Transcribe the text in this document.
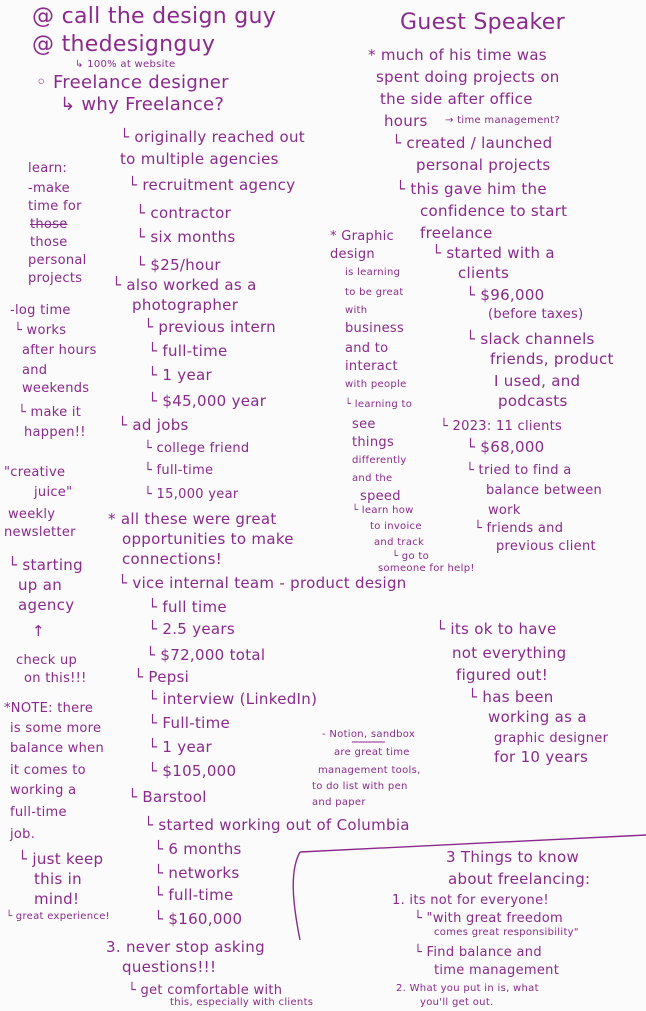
@ call the design guy

@ thedesignguy

↳ 100% at website

◦ Freelance designer

↳ why Freelance?

Guest Speaker

└ originally reached out

to multiple agencies

└ recruitment agency

└ contractor

└ six months

└ $25/hour

└ also worked as a

photographer

└ previous intern

└ full-time

└ 1 year

└ $45,000 year

└ ad jobs

└ college friend

└ full-time

└ 15,000 year

* all these were great

opportunities to make

connections!

└ vice internal team - product design

└ full time

└ 2.5 years

└ $72,000 total

└ Pepsi

└ interview (LinkedIn)

└ Full-time

└ 1 year

└ $105,000

└ Barstool

└ started working out of Columbia

└ 6 months

└ networks

└ full-time

└ $160,000

learn:

-make

time for

those

those

personal

projects

-log time

└ works

after hours

and

weekends

└ make it

happen!!

"creative

juice"

weekly

newsletter

└ starting

up an

agency

↑

check up

on this!!!

*NOTE: there

is some more

balance when

it comes to

working a

full-time

job.

└ just keep

this in

mind!

└ great experience!

* Graphic

design

is learning

to be great

with

business

and to

interact

with people

└ learning to

see

things

differently

and the

speed

└ learn how

to invoice

and track

└ go to

someone for help!

- Notion, sandbox

are great time

management tools,

to do list with pen

and paper

* much of his time was

spent doing projects on

the side after office

hours → time management?

└ created / launched

personal projects

└ this gave him the

confidence to start

freelance

└ started with a

clients

└ $96,000

(before taxes)

└ slack channels

friends, product

I used, and

podcasts

└ 2023: 11 clients

└ $68,000

└ tried to find a

balance between

work

└ friends and

previous client

└ its ok to have

not everything

figured out!

└ has been

working as a

graphic designer

for 10 years

3 Things to know

about freelancing:

1. its not for everyone!

└ "with great freedom

comes great responsibility"

└ Find balance and

time management

2. What you put in is, what

you'll get out.

3. never stop asking

questions!!!

└ get comfortable with

this, especially with clients
